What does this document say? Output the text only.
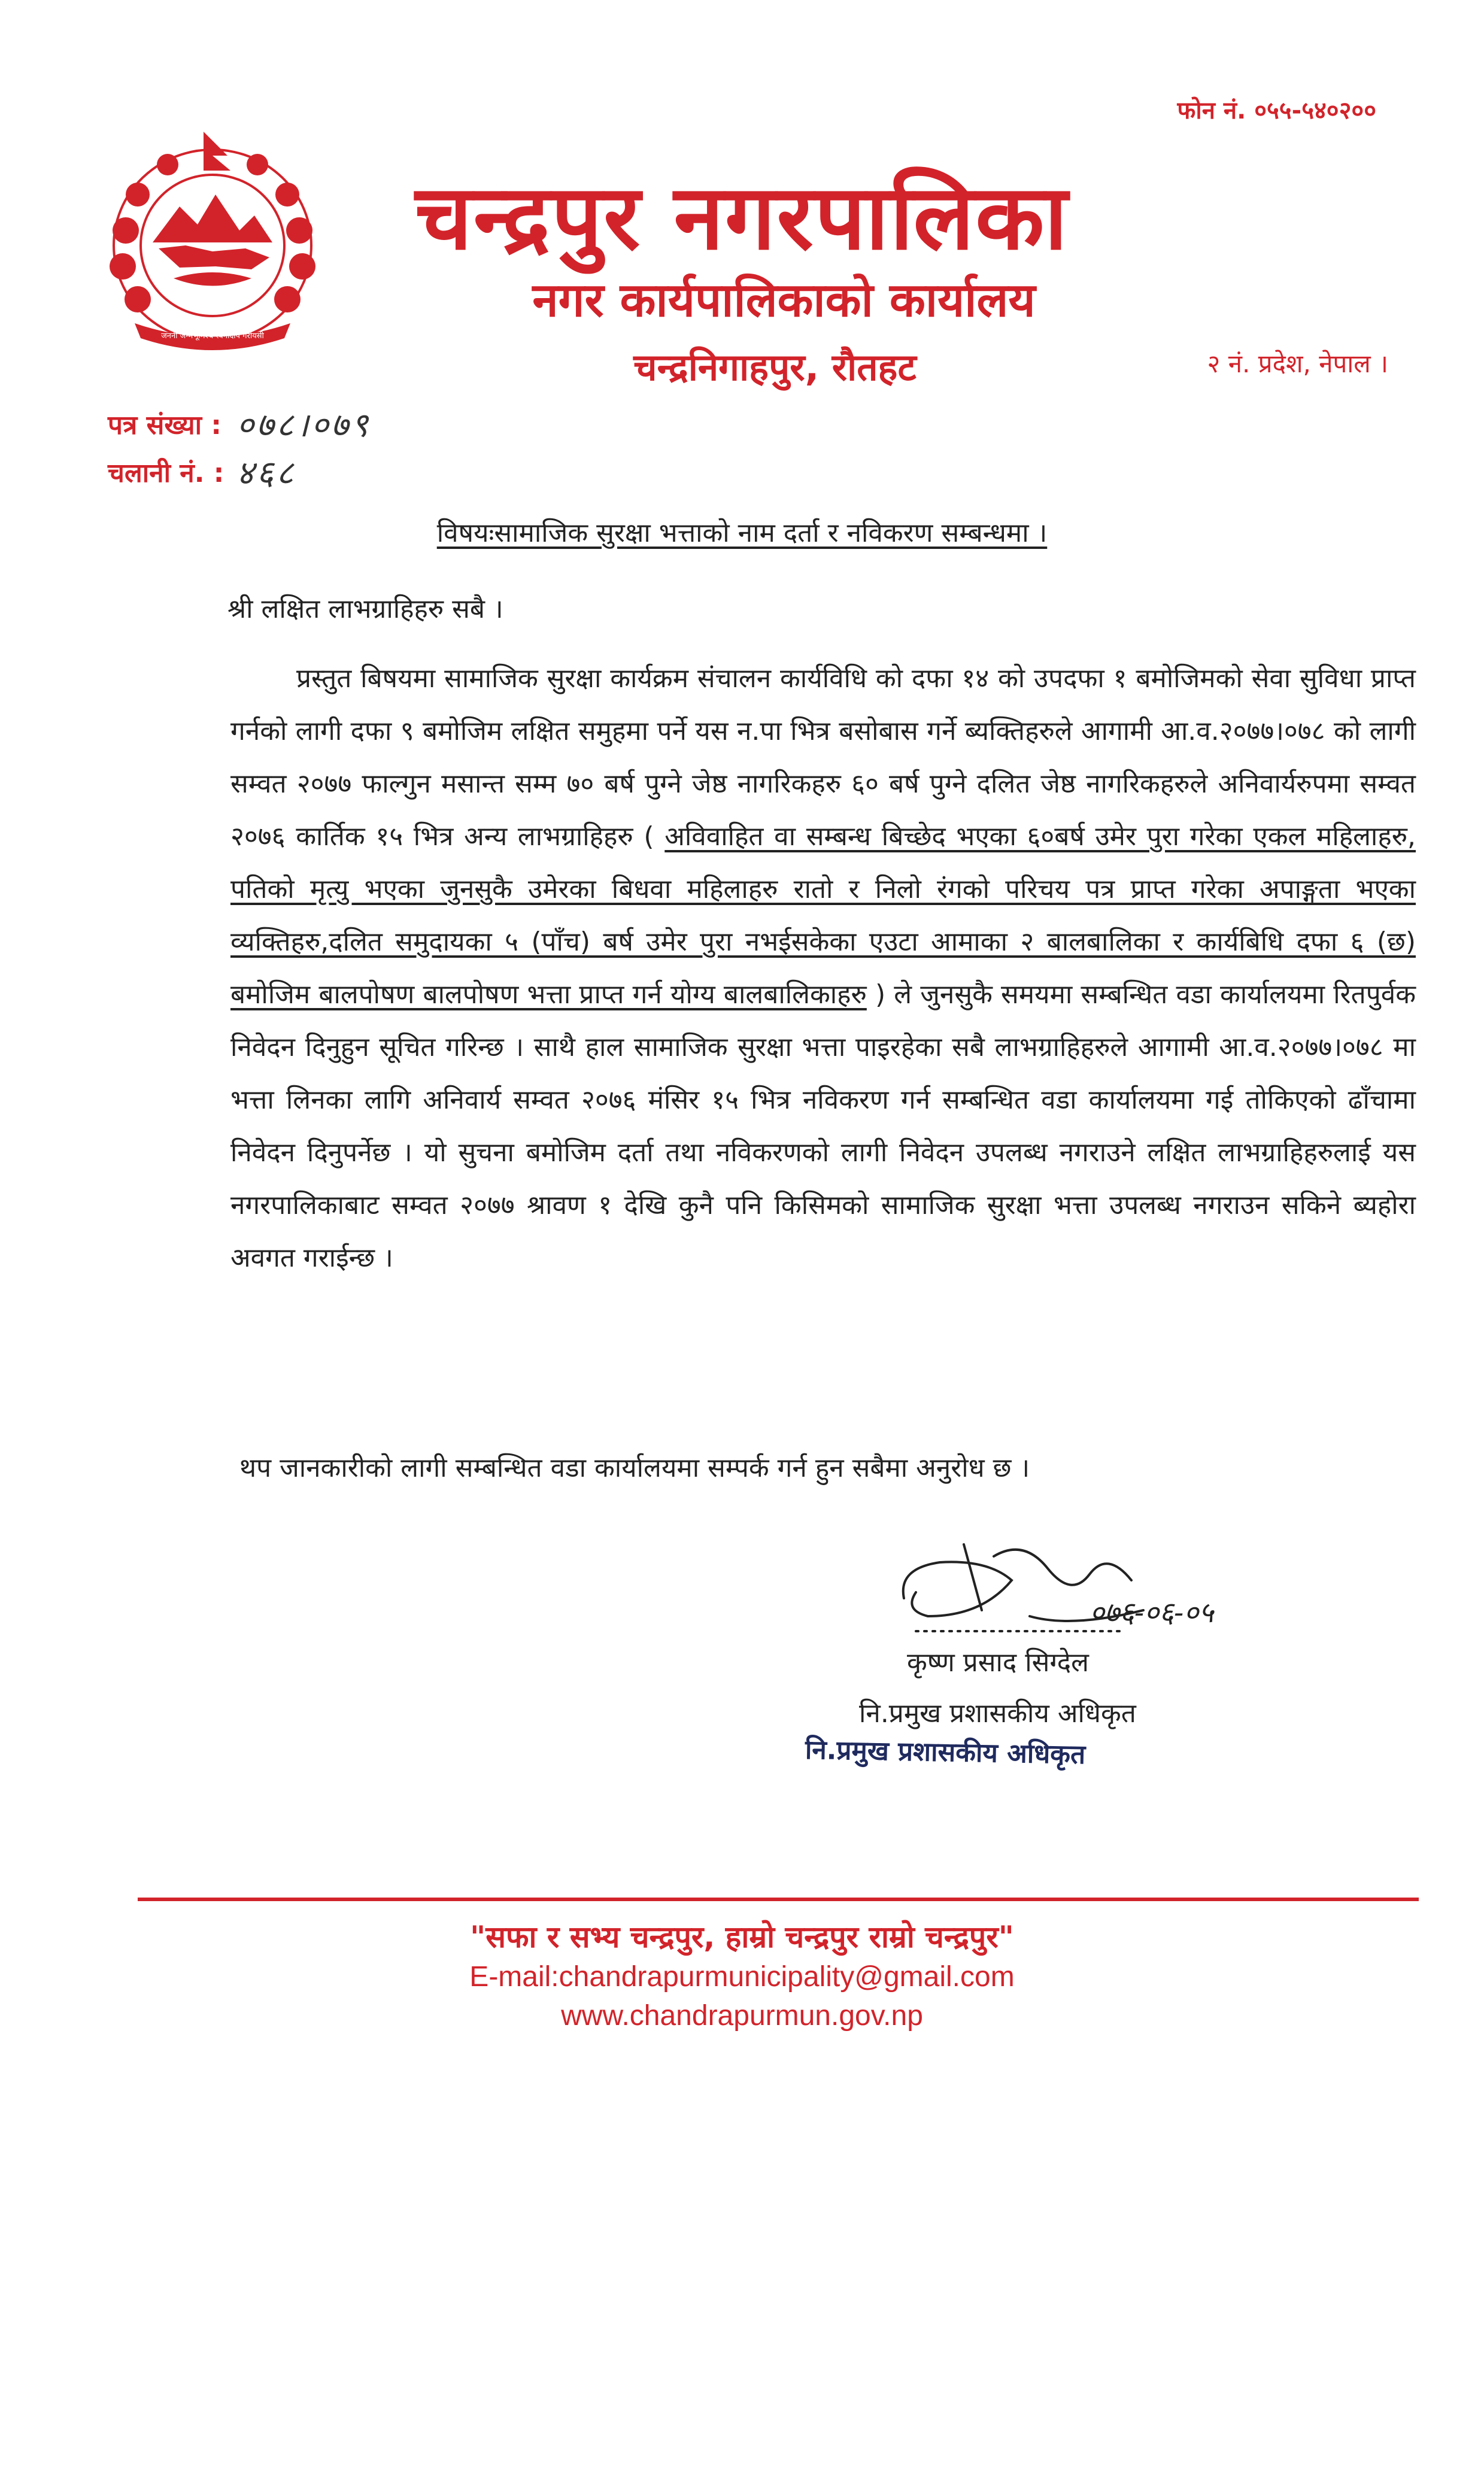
जननी जन्मभूमिश्च स्वर्गादपि गरीयसी
फोन नं. ०५५-५४०२००
चन्द्रपुर नगरपालिका
नगर कार्यपालिकाको कार्यालय
चन्द्रनिगाहपुर, रौतहट	२ नं. प्रदेश, नेपाल ।
पत्र संख्या : ०७८।०७९
चलानी नं. : ४६८
विषयःसामाजिक सुरक्षा भत्ताको नाम दर्ता र नविकरण सम्बन्धमा ।
श्री लक्षित लाभग्राहिहरु सबै ।
प्रस्तुत बिषयमा सामाजिक सुरक्षा कार्यक्रम संचालन कार्यविधि को दफा १४ को उपदफा १ बमोजिमको सेवा सुविधा प्राप्त गर्नको लागी दफा ९ बमोजिम लक्षित समुहमा पर्ने यस न.पा भित्र बसोबास गर्ने ब्यक्तिहरुले आगामी आ.व.२०७७।०७८ को लागी सम्वत २०७७ फाल्गुन मसान्त सम्म ७० बर्ष पुग्ने जेष्ठ नागरिकहरु ६० बर्ष पुग्ने दलित जेष्ठ नागरिकहरुले अनिवार्यरुपमा सम्वत २०७६ कार्तिक १५ भित्र अन्य लाभग्राहिहरु ( अविवाहित वा सम्बन्ध बिच्छेद भएका ६०बर्ष उमेर पुरा गरेका एकल महिलाहरु, पतिको मृत्यु भएका जुनसुकै उमेरका बिधवा महिलाहरु रातो र निलो रंगको परिचय पत्र प्राप्त गरेका अपाङ्गता भएका व्यक्तिहरु,दलित समुदायका ५ (पाँच) बर्ष उमेर पुरा नभईसकेका एउटा आमाका २ बालबालिका र कार्यबिधि दफा ६ (छ) बमोजिम बालपोषण बालपोषण भत्ता प्राप्त गर्न योग्य बालबालिकाहरु ) ले जुनसुकै समयमा सम्बन्धित वडा कार्यालयमा रितपुर्वक निवेदन दिनुहुन सूचित गरिन्छ । साथै हाल सामाजिक सुरक्षा भत्ता पाइरहेका सबै लाभग्राहिहरुले आगामी आ.व.२०७७।०७८ मा भत्ता लिनका लागि अनिवार्य सम्वत २०७६ मंसिर १५ भित्र नविकरण गर्न सम्बन्धित वडा कार्यालयमा गई तोकिएको ढाँचामा निवेदन दिनुपर्नेछ । यो सुचना बमोजिम दर्ता तथा नविकरणको लागी निवेदन उपलब्ध नगराउने लक्षित लाभग्राहिहरुलाई यस नगरपालिकाबाट सम्वत २०७७ श्रावण १ देखि कुनै पनि किसिमको सामाजिक सुरक्षा भत्ता उपलब्ध नगराउन सकिने ब्यहोरा अवगत गराईन्छ ।
थप जानकारीको लागी सम्बन्धित वडा कार्यालयमा सम्पर्क गर्न हुन सबैमा अनुरोध छ ।
०७६-०६-०५
कृष्ण प्रसाद सिग्देल
नि.प्रमुख प्रशासकीय अधिकृत
नि.प्रमुख प्रशासकीय अधिकृत
"सफा र सभ्य चन्द्रपुर, हाम्रो चन्द्रपुर राम्रो चन्द्रपुर"
E-mail:chandrapurmunicipality@gmail.com
www.chandrapurmun.gov.np
